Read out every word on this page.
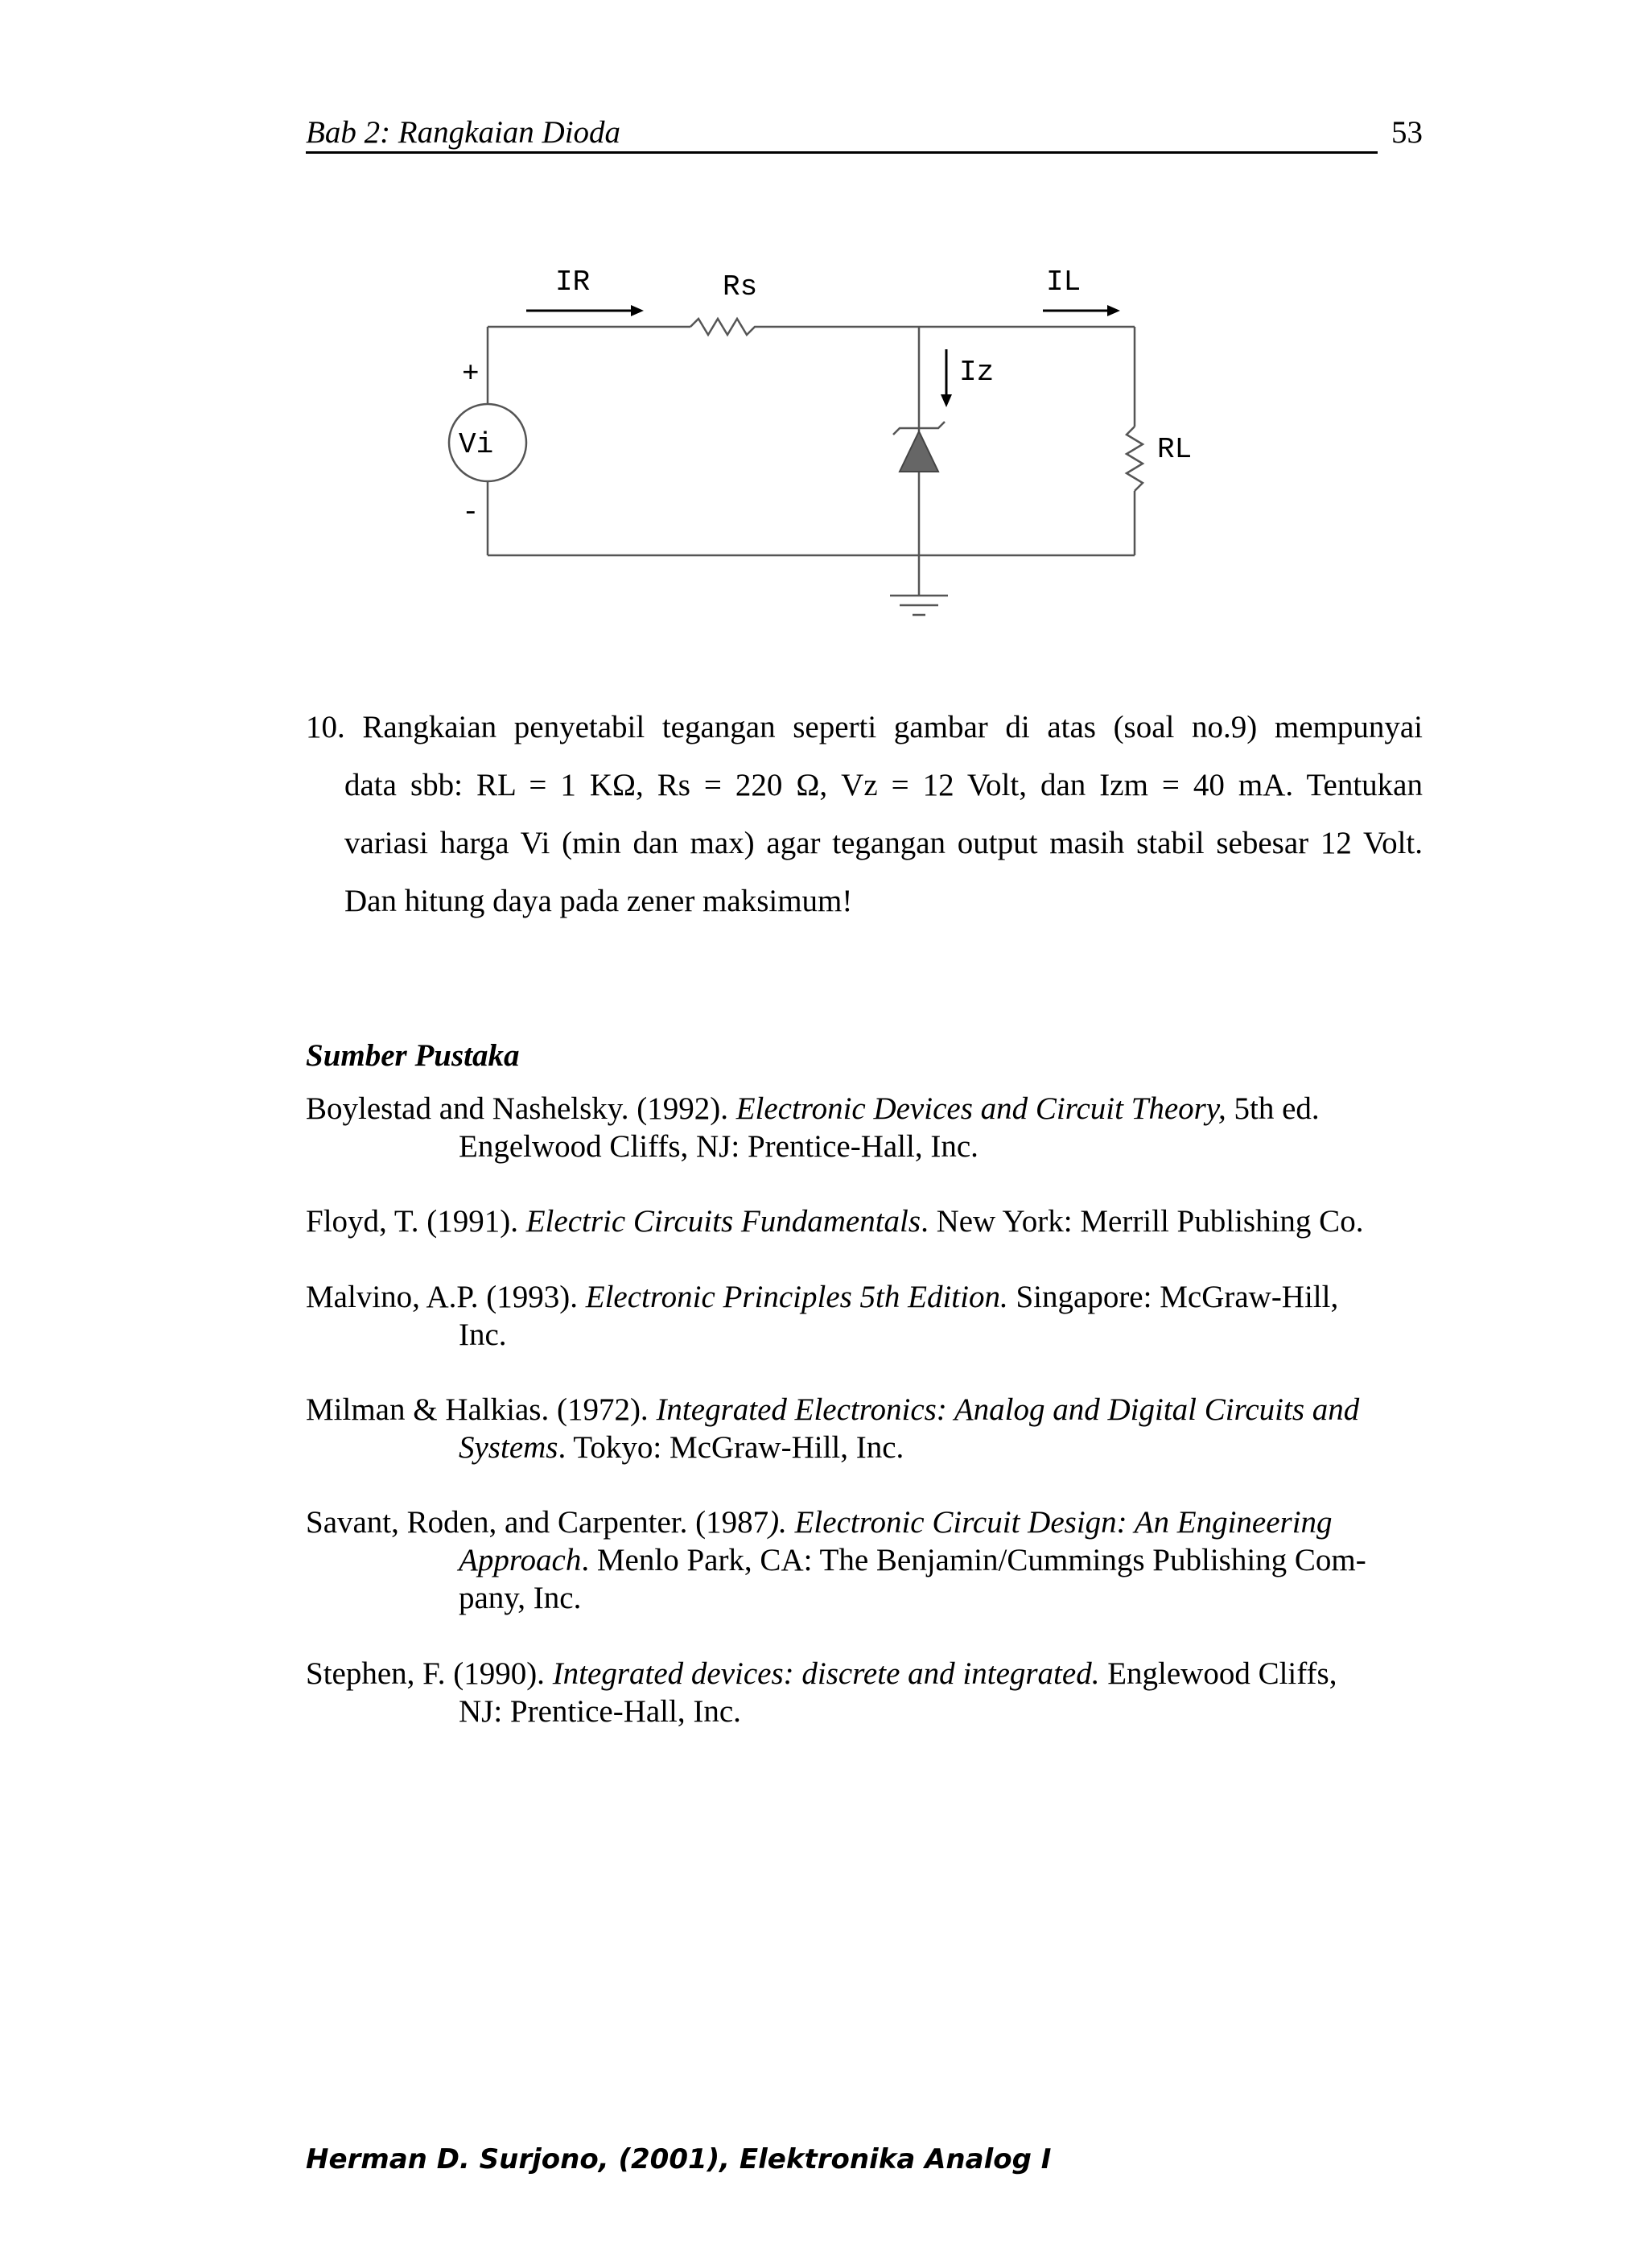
Bab 2: Rangkaian Dioda	53
IR	Rs	IL
Iz
+
Vi
-
RL
10. Rangkaian penyetabil tegangan seperti gambar di atas (soal no.9) mempunyai
data sbb: RL = 1 KΩ, Rs = 220 Ω, Vz = 12 Volt, dan Izm = 40 mA. Tentukan
variasi harga Vi (min dan max) agar tegangan output masih stabil sebesar 12 Volt.
Dan hitung daya pada zener maksimum!
Sumber Pustaka
Boylestad and Nashelsky. (1992). Electronic Devices and Circuit Theory, 5th ed.
Engelwood Cliffs, NJ: Prentice-Hall, Inc.
Floyd, T. (1991). Electric Circuits Fundamentals. New York: Merrill Publishing Co.
Malvino, A.P. (1993). Electronic Principles 5th Edition. Singapore: McGraw-Hill,
Inc.
Milman & Halkias. (1972). Integrated Electronics: Analog and Digital Circuits and
Systems. Tokyo: McGraw-Hill, Inc.
Savant, Roden, and Carpenter. (1987). Electronic Circuit Design: An Engineering
Approach. Menlo Park, CA: The Benjamin/Cummings Publishing Com-
pany, Inc.
Stephen, F. (1990). Integrated devices: discrete and integrated. Englewood Cliffs,
NJ: Prentice-Hall, Inc.
Herman D. Surjono, (2001), Elektronika Analog I
